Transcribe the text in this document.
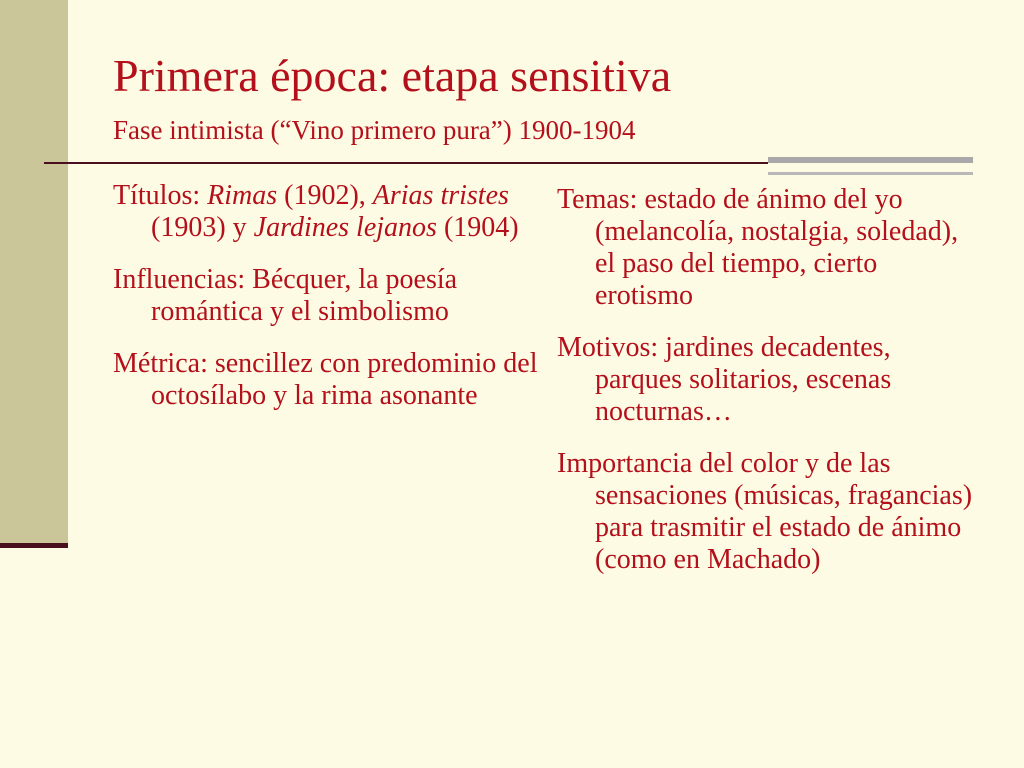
Primera época: etapa sensitiva

Fase intimista (“Vino primero pura”) 1900-1904

Títulos: Rimas (1902), Arias tristes (1903) y Jardines lejanos (1904)

Influencias: Bécquer, la poesía romántica y el simbolismo

Métrica: sencillez con predominio del octosílabo y la rima asonante

Temas: estado de ánimo del yo (melancolía, nostalgia, soledad), el paso del tiempo, cierto erotismo

Motivos: jardines decadentes, parques solitarios, escenas nocturnas…

Importancia del color y de las sensaciones (músicas, fragancias) para trasmitir el estado de ánimo (como en Machado)
